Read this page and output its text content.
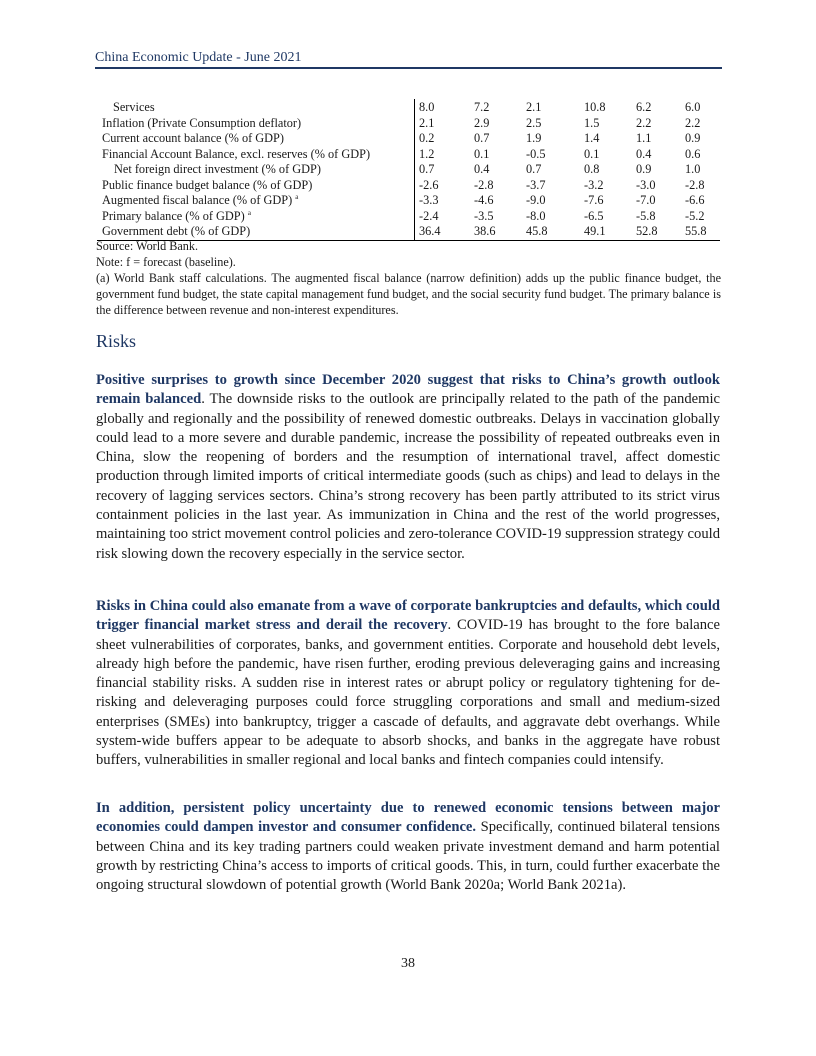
China Economic Update - June 2021
Services	8.0	7.2	2.1	10.8	6.2	6.0
Inflation (Private Consumption deflator)	2.1	2.9	2.5	1.5	2.2	2.2
Current account balance (% of GDP)	0.2	0.7	1.9	1.4	1.1	0.9
Financial Account Balance, excl. reserves (% of GDP)	1.2	0.1	-0.5	0.1	0.4	0.6
Net foreign direct investment (% of GDP)	0.7	0.4	0.7	0.8	0.9	1.0
Public finance budget balance (% of GDP)	-2.6	-2.8	-3.7	-3.2	-3.0	-2.8
Augmented fiscal balance (% of GDP) $^a$	-3.3	-4.6	-9.0	-7.6	-7.0	-6.6
Primary balance (% of GDP) $^a$	-2.4	-3.5	-8.0	-6.5	-5.8	-5.2
Government debt (% of GDP)	36.4	38.6	45.8	49.1	52.8	55.8

Source: World Bank.

Note: f = forecast (baseline).

(a) World Bank staff calculations. The augmented fiscal balance (narrow definition) adds up the public finance budget, the government fund budget, the state capital management fund budget, and the social security fund budget. The primary balance is the difference between revenue and non-interest expenditures.

Risks

Positive surprises to growth since December 2020 suggest that risks to China’s growth outlook remain balanced. The downside risks to the outlook are principally related to the path of the pandemic globally and regionally and the possibility of renewed domestic outbreaks. Delays in vaccination globally could lead to a more severe and durable pandemic, increase the possibility of repeated outbreaks even in China, slow the reopening of borders and the resumption of international travel, affect domestic production through limited imports of critical intermediate goods (such as chips) and lead to delays in the recovery of lagging services sectors. China’s strong recovery has been partly attributed to its strict virus containment policies in the last year. As immunization in China and the rest of the world progresses, maintaining too strict movement control policies and zero-tolerance COVID-19 suppression strategy could risk slowing down the recovery especially in the service sector.

Risks in China could also emanate from a wave of corporate bankruptcies and defaults, which could trigger financial market stress and derail the recovery. COVID-19 has brought to the fore balance sheet vulnerabilities of corporates, banks, and government entities. Corporate and household debt levels, already high before the pandemic, have risen further, eroding previous deleveraging gains and increasing financial stability risks. A sudden rise in interest rates or abrupt policy or regulatory tightening for de-risking and deleveraging purposes could force struggling corporations and small and medium-sized enterprises (SMEs) into bankruptcy, trigger a cascade of defaults, and aggravate debt overhangs. While system-wide buffers appear to be adequate to absorb shocks, and banks in the aggregate have robust buffers, vulnerabilities in smaller regional and local banks and fintech companies could intensify.

In addition, persistent policy uncertainty due to renewed economic tensions between major economies could dampen investor and consumer confidence. Specifically, continued bilateral tensions between China and its key trading partners could weaken private investment demand and harm potential growth by restricting China’s access to imports of critical goods. This, in turn, could further exacerbate the ongoing structural slowdown of potential growth (World Bank 2020a; World Bank 2021a).

38
